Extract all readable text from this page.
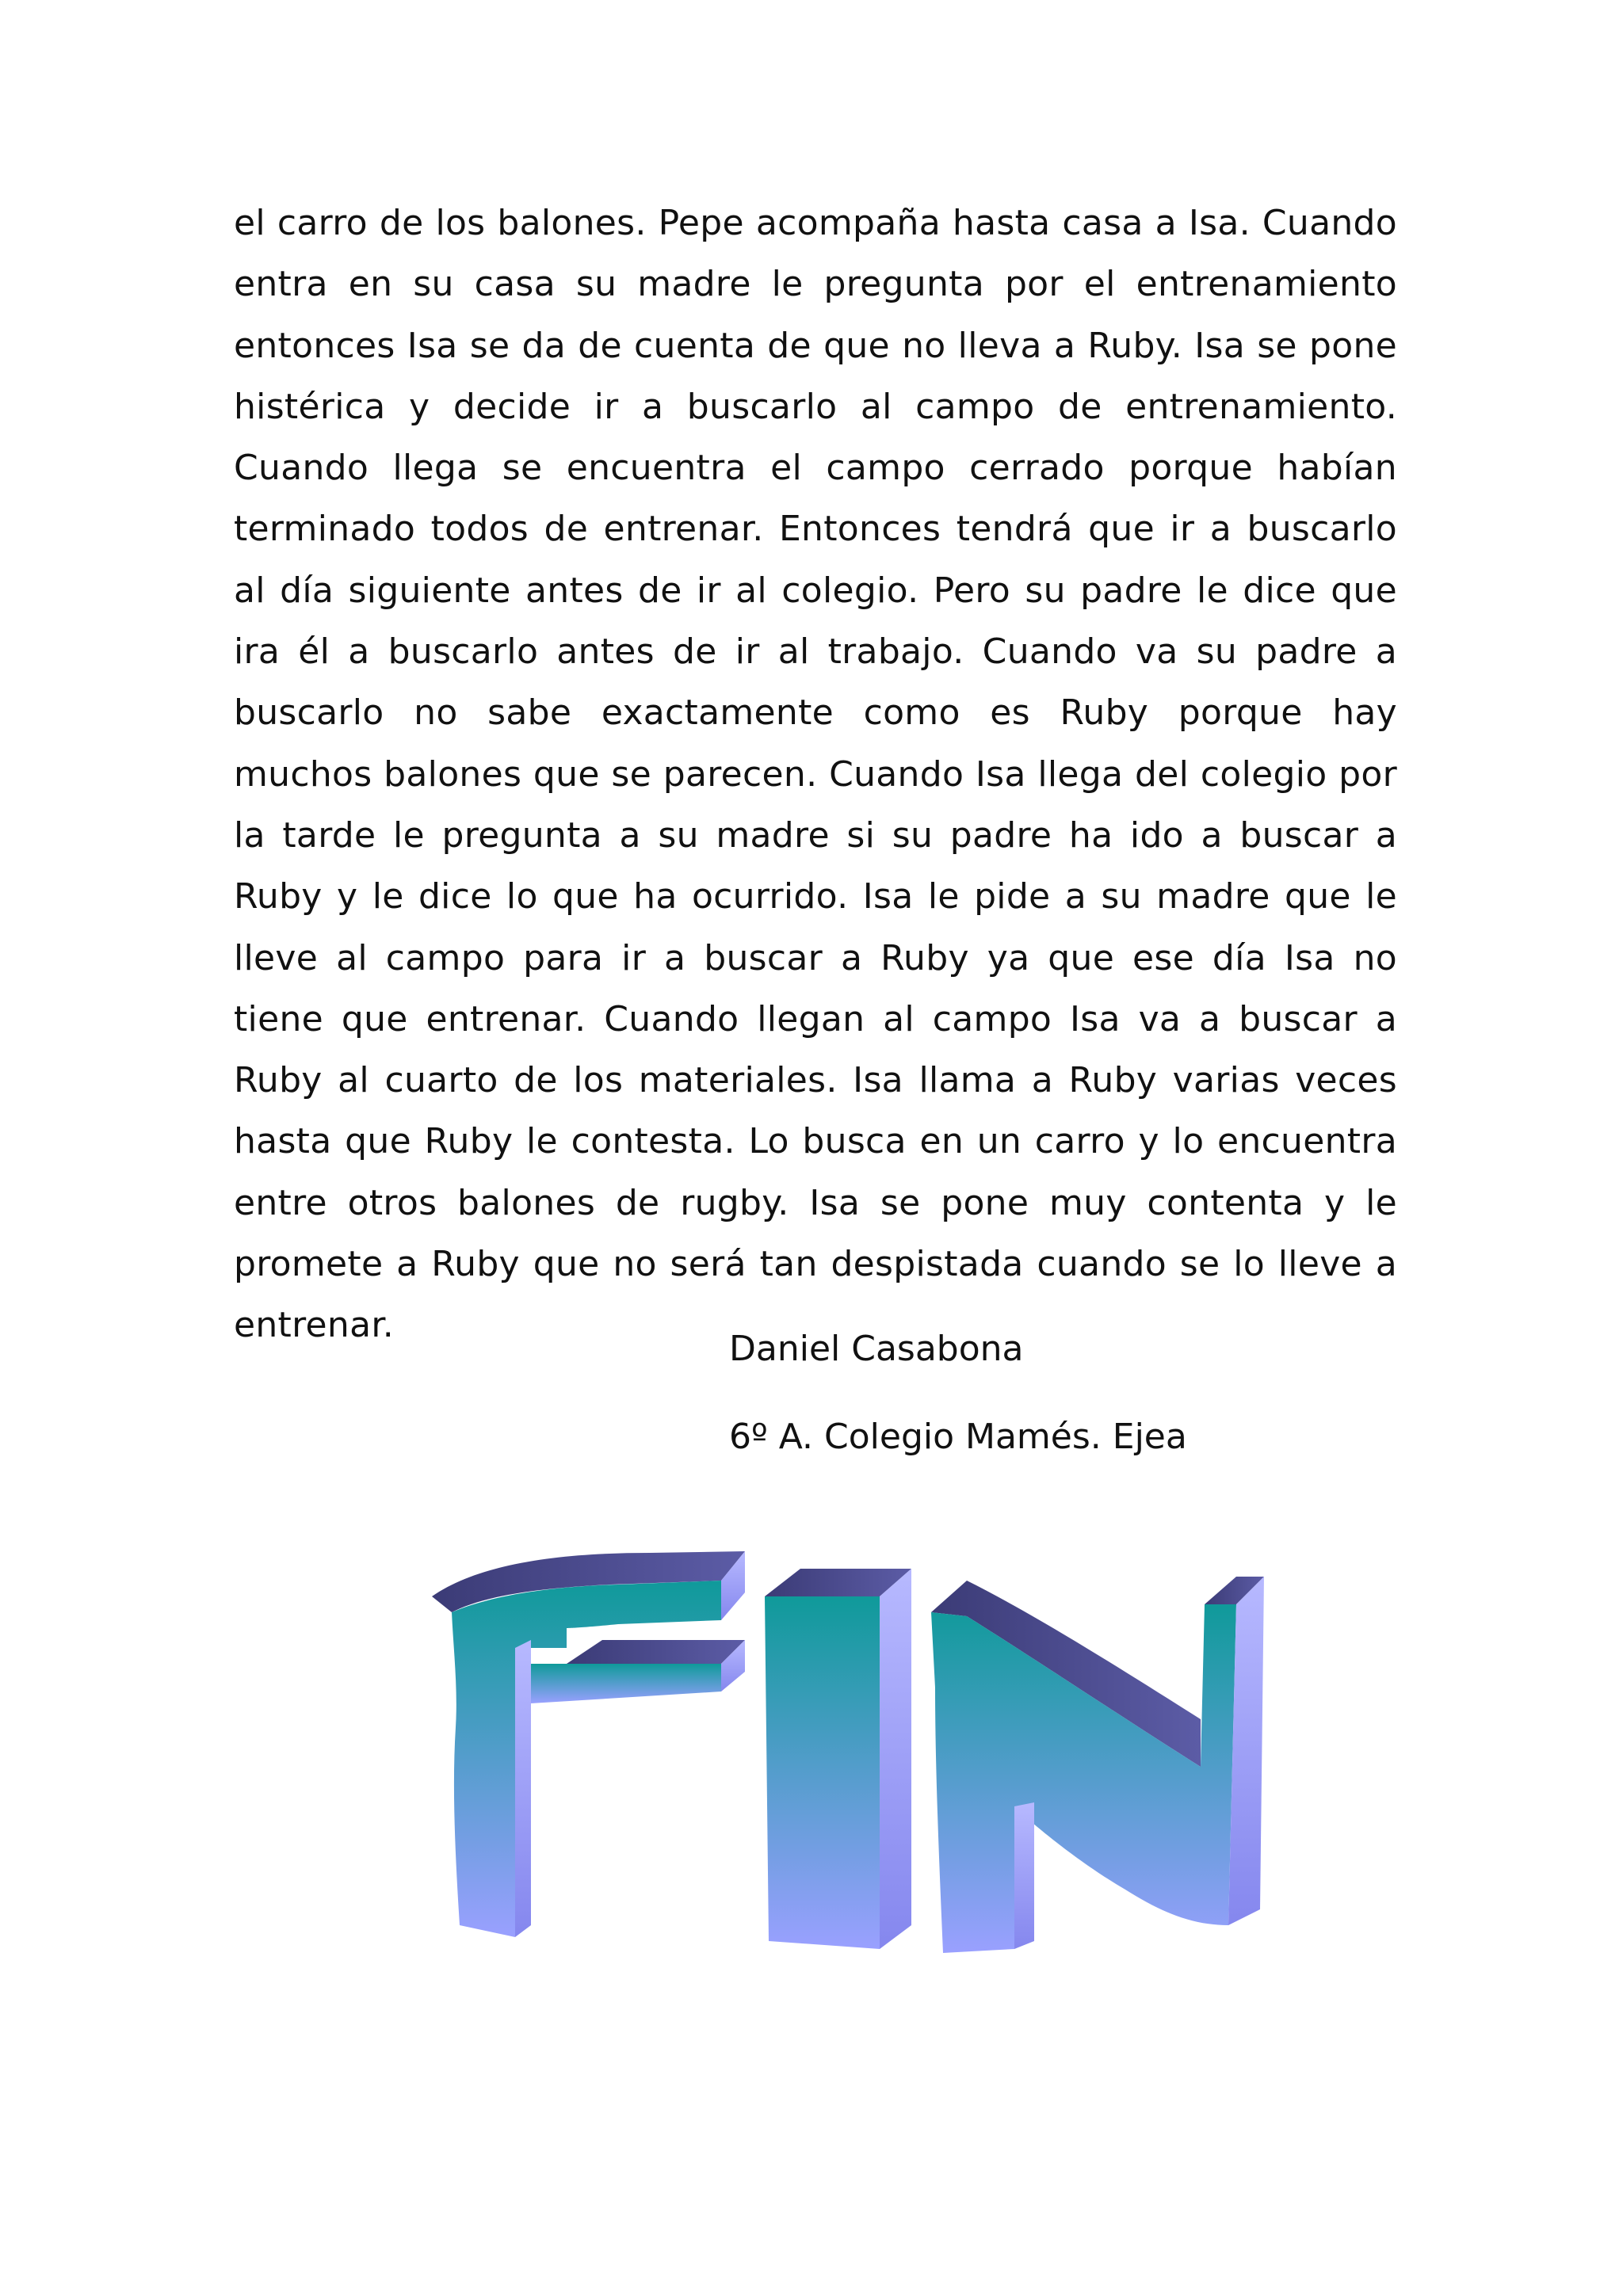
el carro de los balones. Pepe acompaña hasta casa a Isa. Cuando entra en su casa su madre le pregunta por el entrenamiento entonces Isa se da de cuenta de que no lleva a Ruby. Isa se pone histérica y decide ir a buscarlo al campo de entrenamiento. Cuando llega se encuentra el campo cerrado porque habían terminado todos de entrenar. Entonces tendrá que ir a buscarlo al día siguiente antes de ir al colegio. Pero su padre le dice que ira él a buscarlo antes de ir al trabajo. Cuando va su padre a buscarlo no sabe exactamente como es Ruby porque hay muchos balones que se parecen. Cuando Isa llega del colegio por la tarde le pregunta a su madre si su padre ha ido a buscar a Ruby y le dice lo que ha ocurrido. Isa le pide a su madre que le lleve al campo para ir a buscar a Ruby ya que ese día Isa no tiene que entrenar. Cuando llegan al campo Isa va a buscar a Ruby al cuarto de los materiales. Isa llama a Ruby varias veces hasta que Ruby le contesta. Lo busca en un carro y lo encuentra entre otros balones de rugby. Isa se pone muy contenta y le promete a Ruby que no será tan despistada cuando se lo lleve a entrenar.

Daniel Casabona

6º A. Colegio Mamés. Ejea
